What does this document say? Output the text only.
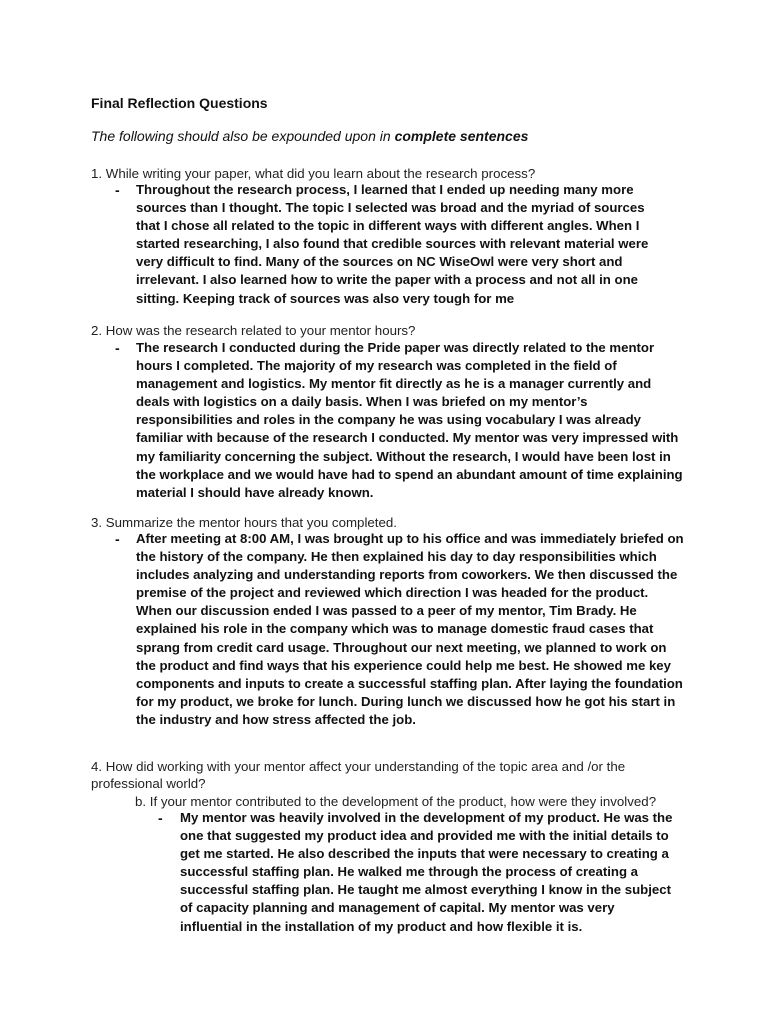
Final Reflection Questions
The following should also be expounded upon in complete sentences
1. While writing your paper, what did you learn about the research process?
- Throughout the research process, I learned that I ended up needing many more sources than I thought. The topic I selected was broad and the myriad of sources that I chose all related to the topic in different ways with different angles. When I started researching, I also found that credible sources with relevant material were very difficult to find. Many of the sources on NC WiseOwl were very short and irrelevant. I also learned how to write the paper with a process and not all in one sitting. Keeping track of sources was also very tough for me
2. How was the research related to your mentor hours?
- The research I conducted during the Pride paper was directly related to the mentor hours I completed. The majority of my research was completed in the field of management and logistics. My mentor fit directly as he is a manager currently and deals with logistics on a daily basis. When I was briefed on my mentor’s responsibilities and roles in the company he was using vocabulary I was already familiar with because of the research I conducted. My mentor was very impressed with my familiarity concerning the subject. Without the research, I would have been lost in the workplace and we would have had to spend an abundant amount of time explaining material I should have already known.
3. Summarize the mentor hours that you completed.
- After meeting at 8:00 AM, I was brought up to his office and was immediately briefed on the history of the company. He then explained his day to day responsibilities which includes analyzing and understanding reports from coworkers. We then discussed the premise of the project and reviewed which direction I was headed for the product. When our discussion ended I was passed to a peer of my mentor, Tim Brady. He explained his role in the company which was to manage domestic fraud cases that sprang from credit card usage. Throughout our next meeting, we planned to work on the product and find ways that his experience could help me best. He showed me key components and inputs to create a successful staffing plan. After laying the foundation for my product, we broke for lunch. During lunch we discussed how he got his start in the industry and how stress affected the job.
4. How did working with your mentor affect your understanding of the topic area and /or the professional world?
b. If your mentor contributed to the development of the product, how were they involved?
- My mentor was heavily involved in the development of my product. He was the one that suggested my product idea and provided me with the initial details to get me started. He also described the inputs that were necessary to creating a successful staffing plan. He walked me through the process of creating a successful staffing plan. He taught me almost everything I know in the subject of capacity planning and management of capital. My mentor was very influential in the installation of my product and how flexible it is.
